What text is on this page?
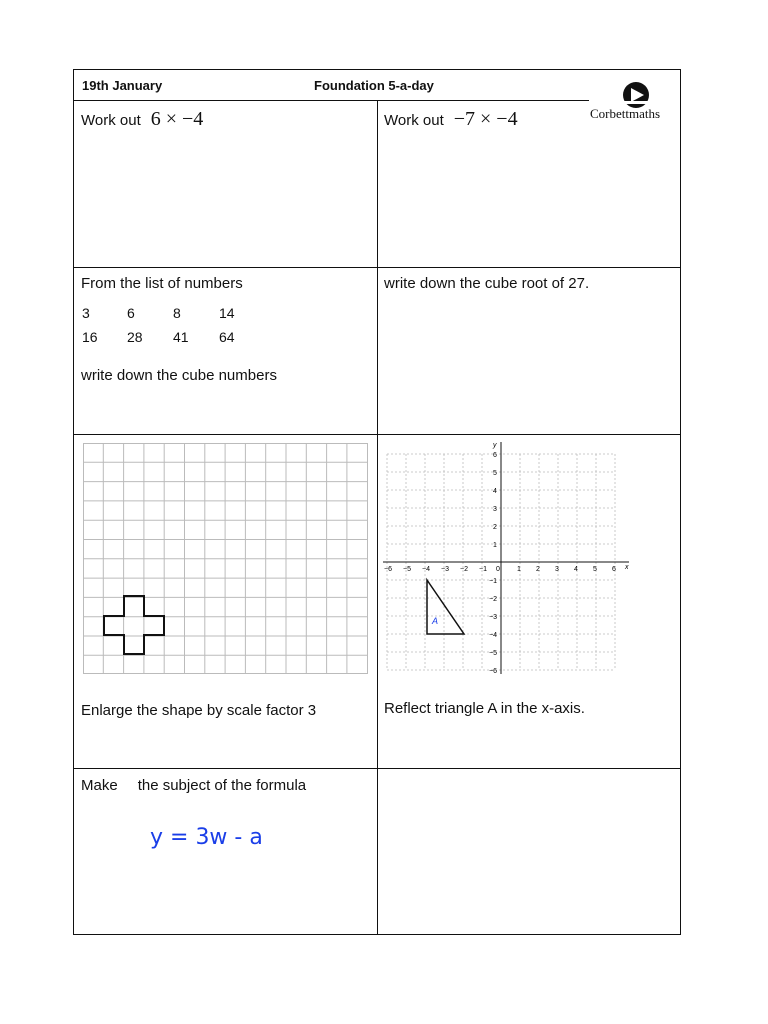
19th January	Foundation 5-a-day
Corbettmaths
Work out 6 × −4	Work out −7 × −4
From the list of numbers
3	6	8	14
16 28 41 64
write down the cube numbers
write down the cube root of 27.
Enlarge the shape by scale factor 3
x
y
−6 −5 −4 −3 −2 −1 0 1 2 3 4 5 6
6
5
4
3
2
1
−1
−2
−3
−4
−5
−6
A
Reflect triangle A in the x-axis.
Make the subject of the formula
y = 3w - a
